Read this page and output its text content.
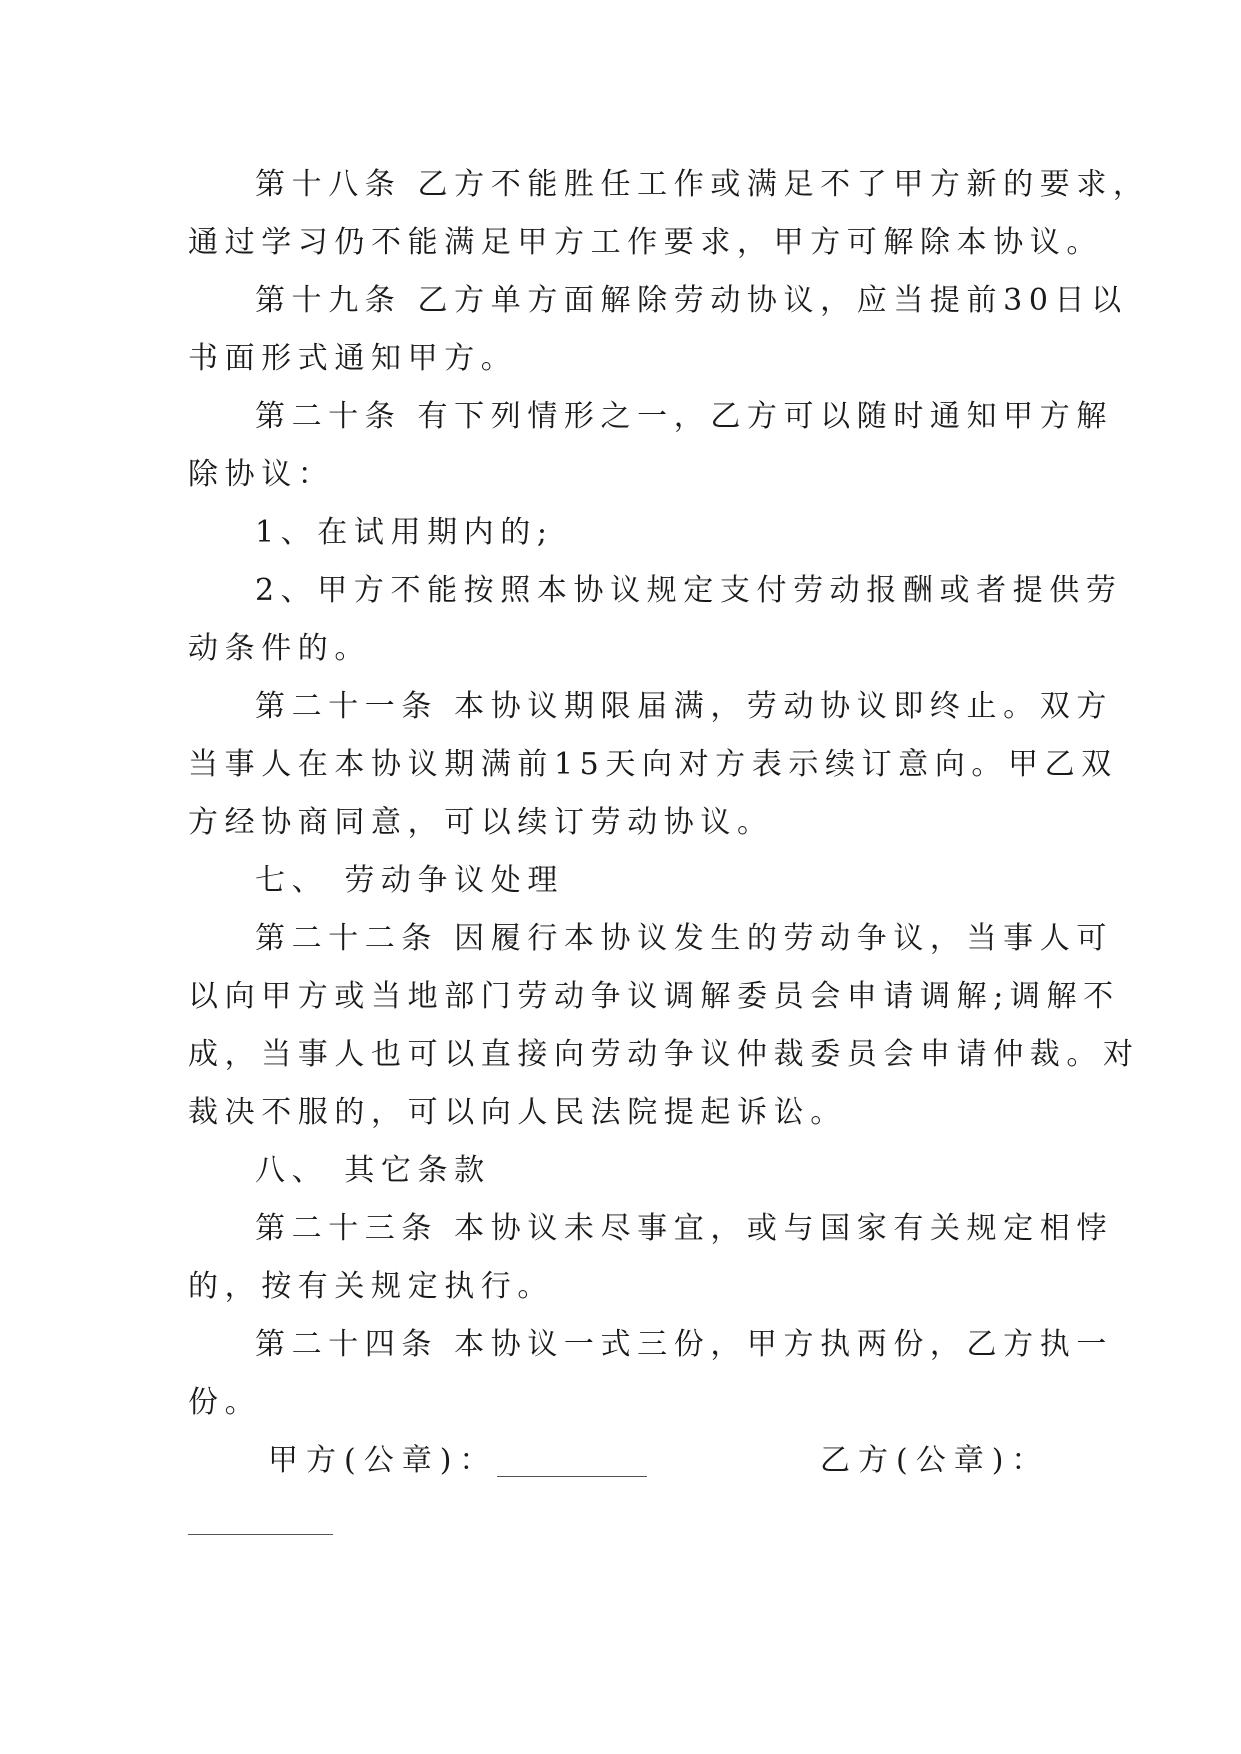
第十八条 乙方不能胜任工作或满足不了甲方新的要求，
通过学习仍不能满足甲方工作要求，甲方可解除本协议。
第十九条 乙方单方面解除劳动协议，应当提前30日以
书面形式通知甲方。
第二十条 有下列情形之一，乙方可以随时通知甲方解
除协议：
1、在试用期内的;
2、甲方不能按照本协议规定支付劳动报酬或者提供劳
动条件的。
第二十一条 本协议期限届满，劳动协议即终止。双方
当事人在本协议期满前15天向对方表示续订意向。甲乙双
方经协商同意，可以续订劳动协议。
七、 劳动争议处理
第二十二条 因履行本协议发生的劳动争议，当事人可
以向甲方或当地部门劳动争议调解委员会申请调解;调解不
成，当事人也可以直接向劳动争议仲裁委员会申请仲裁。对
裁决不服的，可以向人民法院提起诉讼。
八、 其它条款
第二十三条 本协议未尽事宜，或与国家有关规定相悖
的，按有关规定执行。
第二十四条 本协议一式三份，甲方执两份，乙方执一
份。
甲方(公章)：	乙方(公章)：
